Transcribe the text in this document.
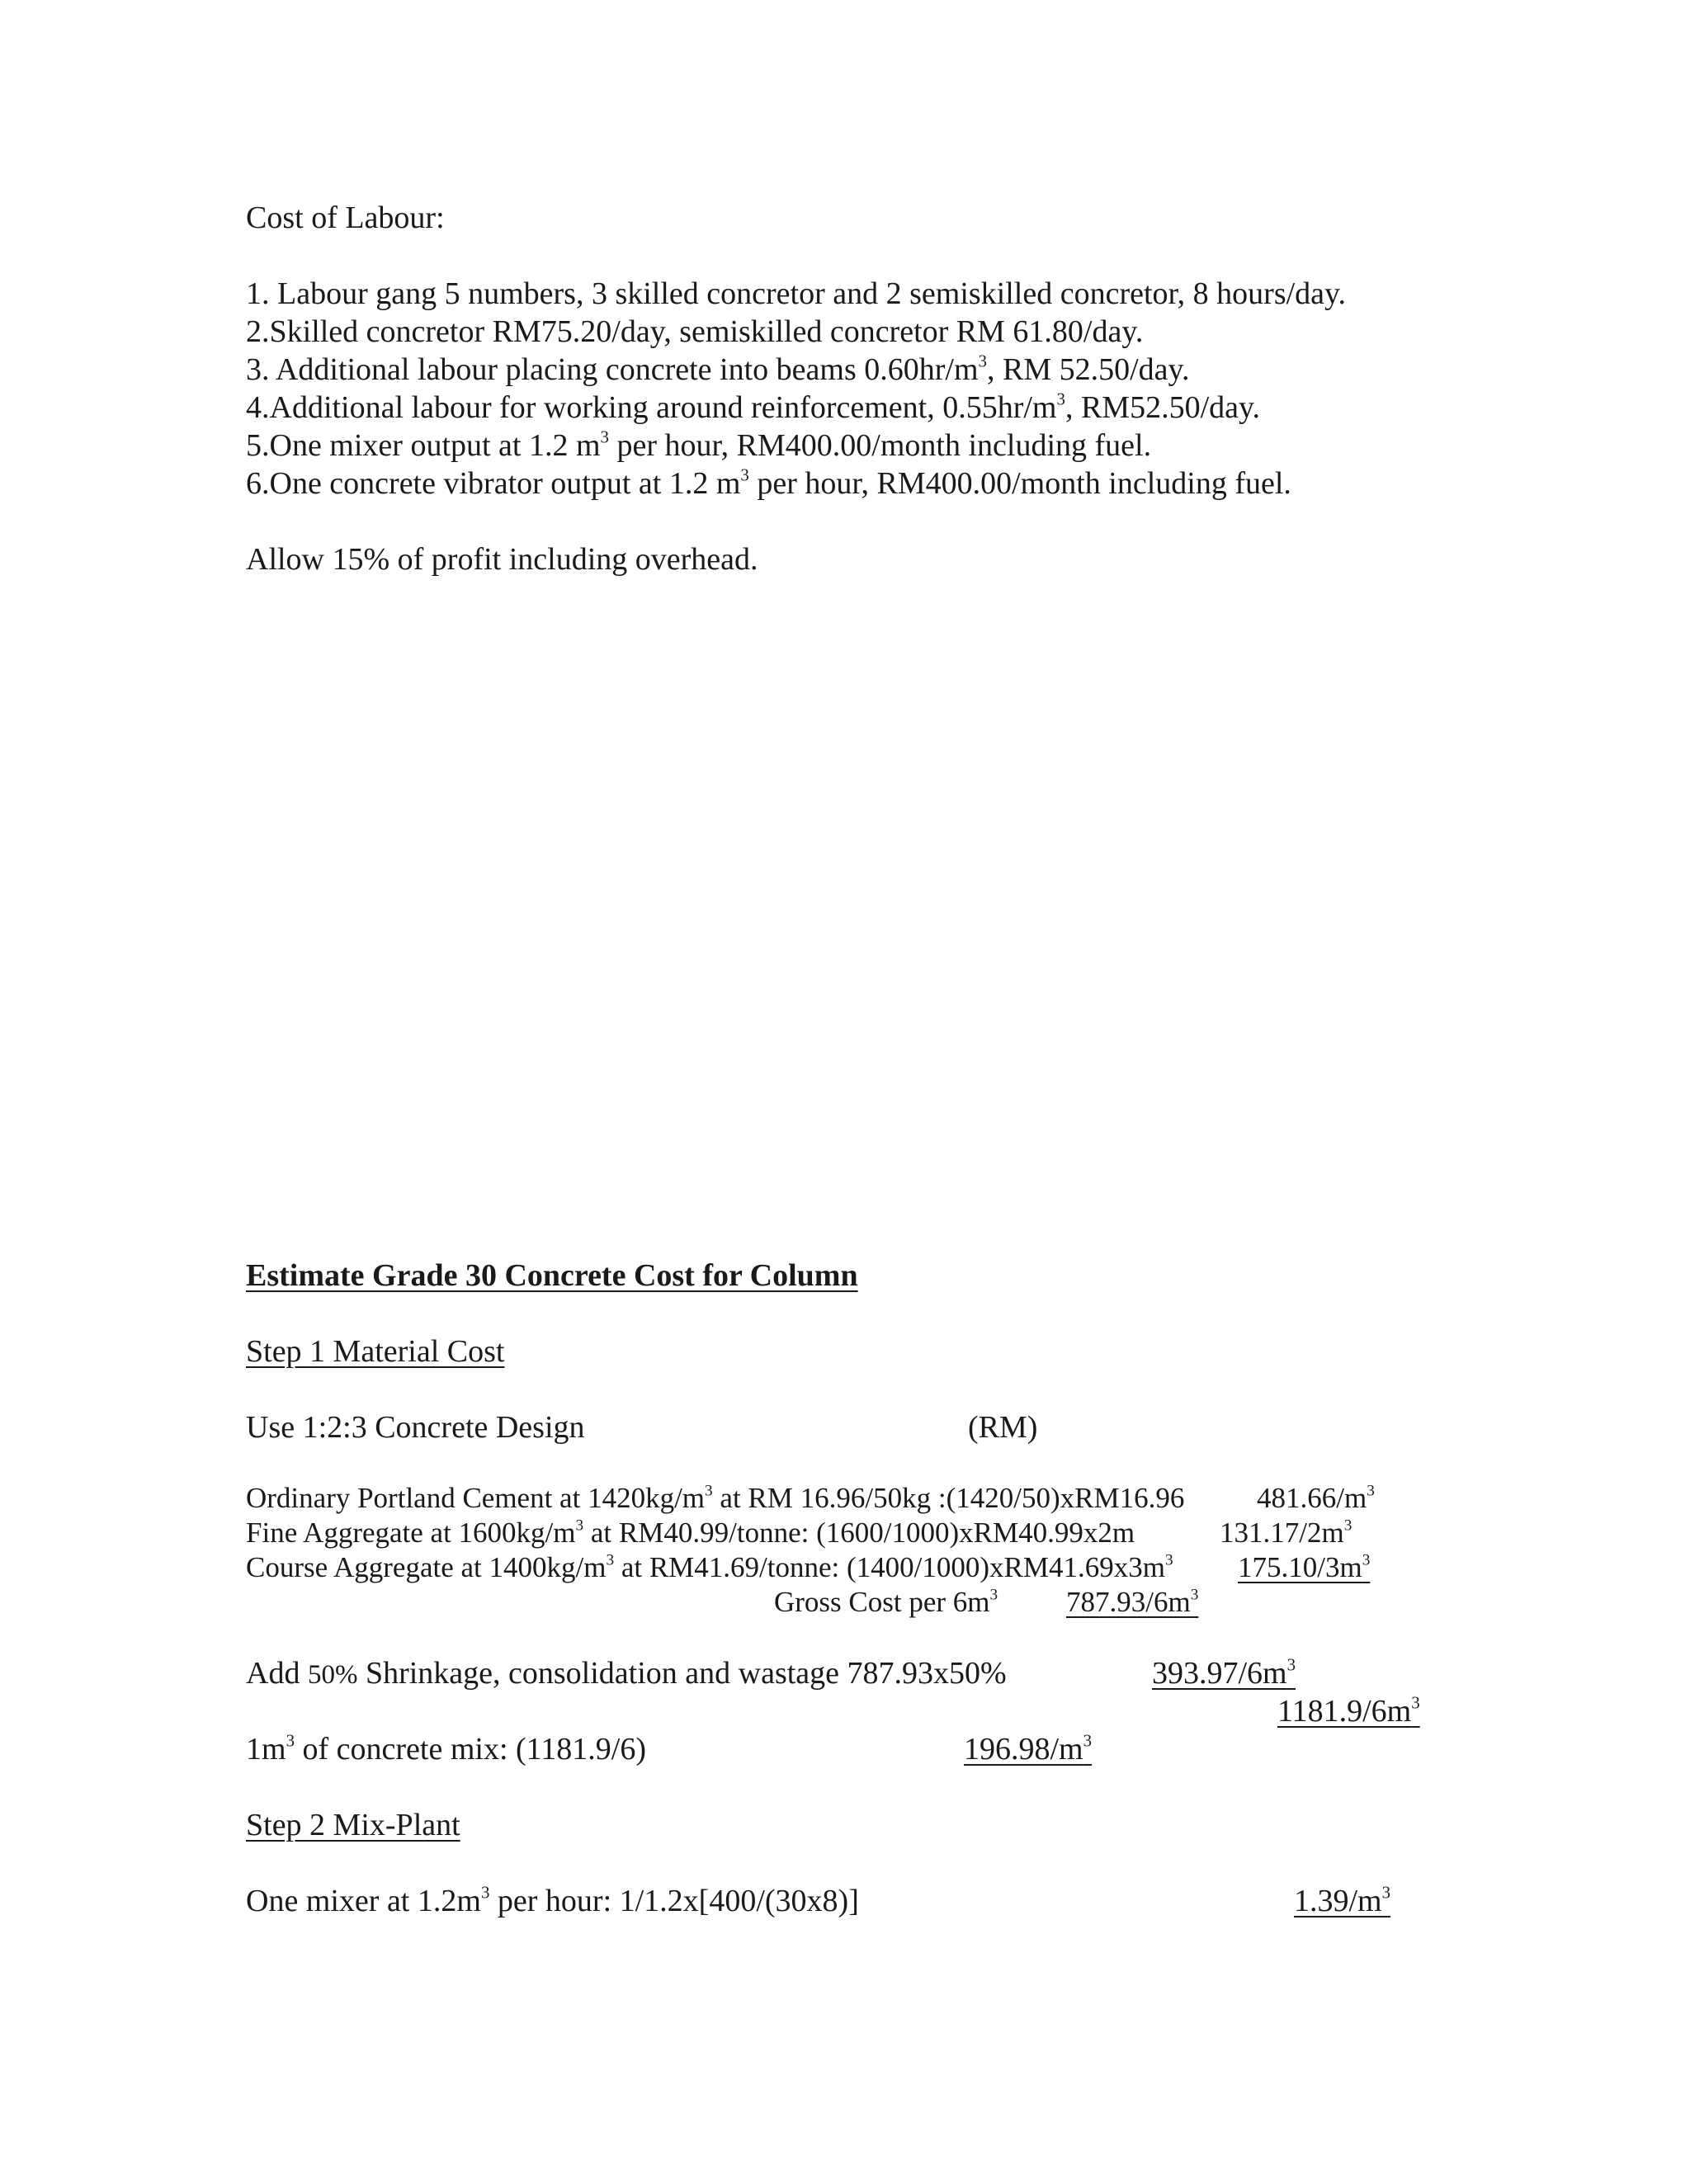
Cost of Labour:
1. Labour gang 5 numbers, 3 skilled concretor and 2 semiskilled concretor, 8 hours/day.
2.Skilled concretor RM75.20/day, semiskilled concretor RM 61.80/day.
3. Additional labour placing concrete into beams $0.60hr/m^3$, RM 52.50/day.
4.Additional labour for working around reinforcement, $0.55hr/m^3$, RM52.50/day.
5.One mixer output at 1.2 $m^3$ per hour, RM400.00/month including fuel.
6.One concrete vibrator output at 1.2 $m^3$ per hour, RM400.00/month including fuel.
Allow 15% of profit including overhead.
Estimate Grade 30 Concrete Cost for Column
Step 1 Material Cost
Use 1:2:3 Concrete Design	(RM)
Ordinary Portland Cement at $1420kg/m^3$ at RM 16.96/50kg :(1420/50)xRM16.96	$481.66/m^3$
Fine Aggregate at $1600kg/m^3$ at RM40.99/tonne: (1600/1000)xRM40.99x2m	$131.17/2m^3$
Course Aggregate at $1400kg/m^3$ at RM41.69/tonne: $(1400/1000)xRM41.69x3m^3$ $175.10/3m^3$
Gross Cost per $6m^3$ $787.93/6m^3$
Add 50% Shrinkage, consolidation and wastage 787.93x50%	$393.97/6m^3$
$1181.9/6m^3$
$1m^3$ of concrete mix: (1181.9/6)	$196.98/m^3$
Step 2 Mix-Plant
One mixer at $1.2m^3$ per hour: 1/1.2x[400/(30x8)]	$1.39/m^3$
